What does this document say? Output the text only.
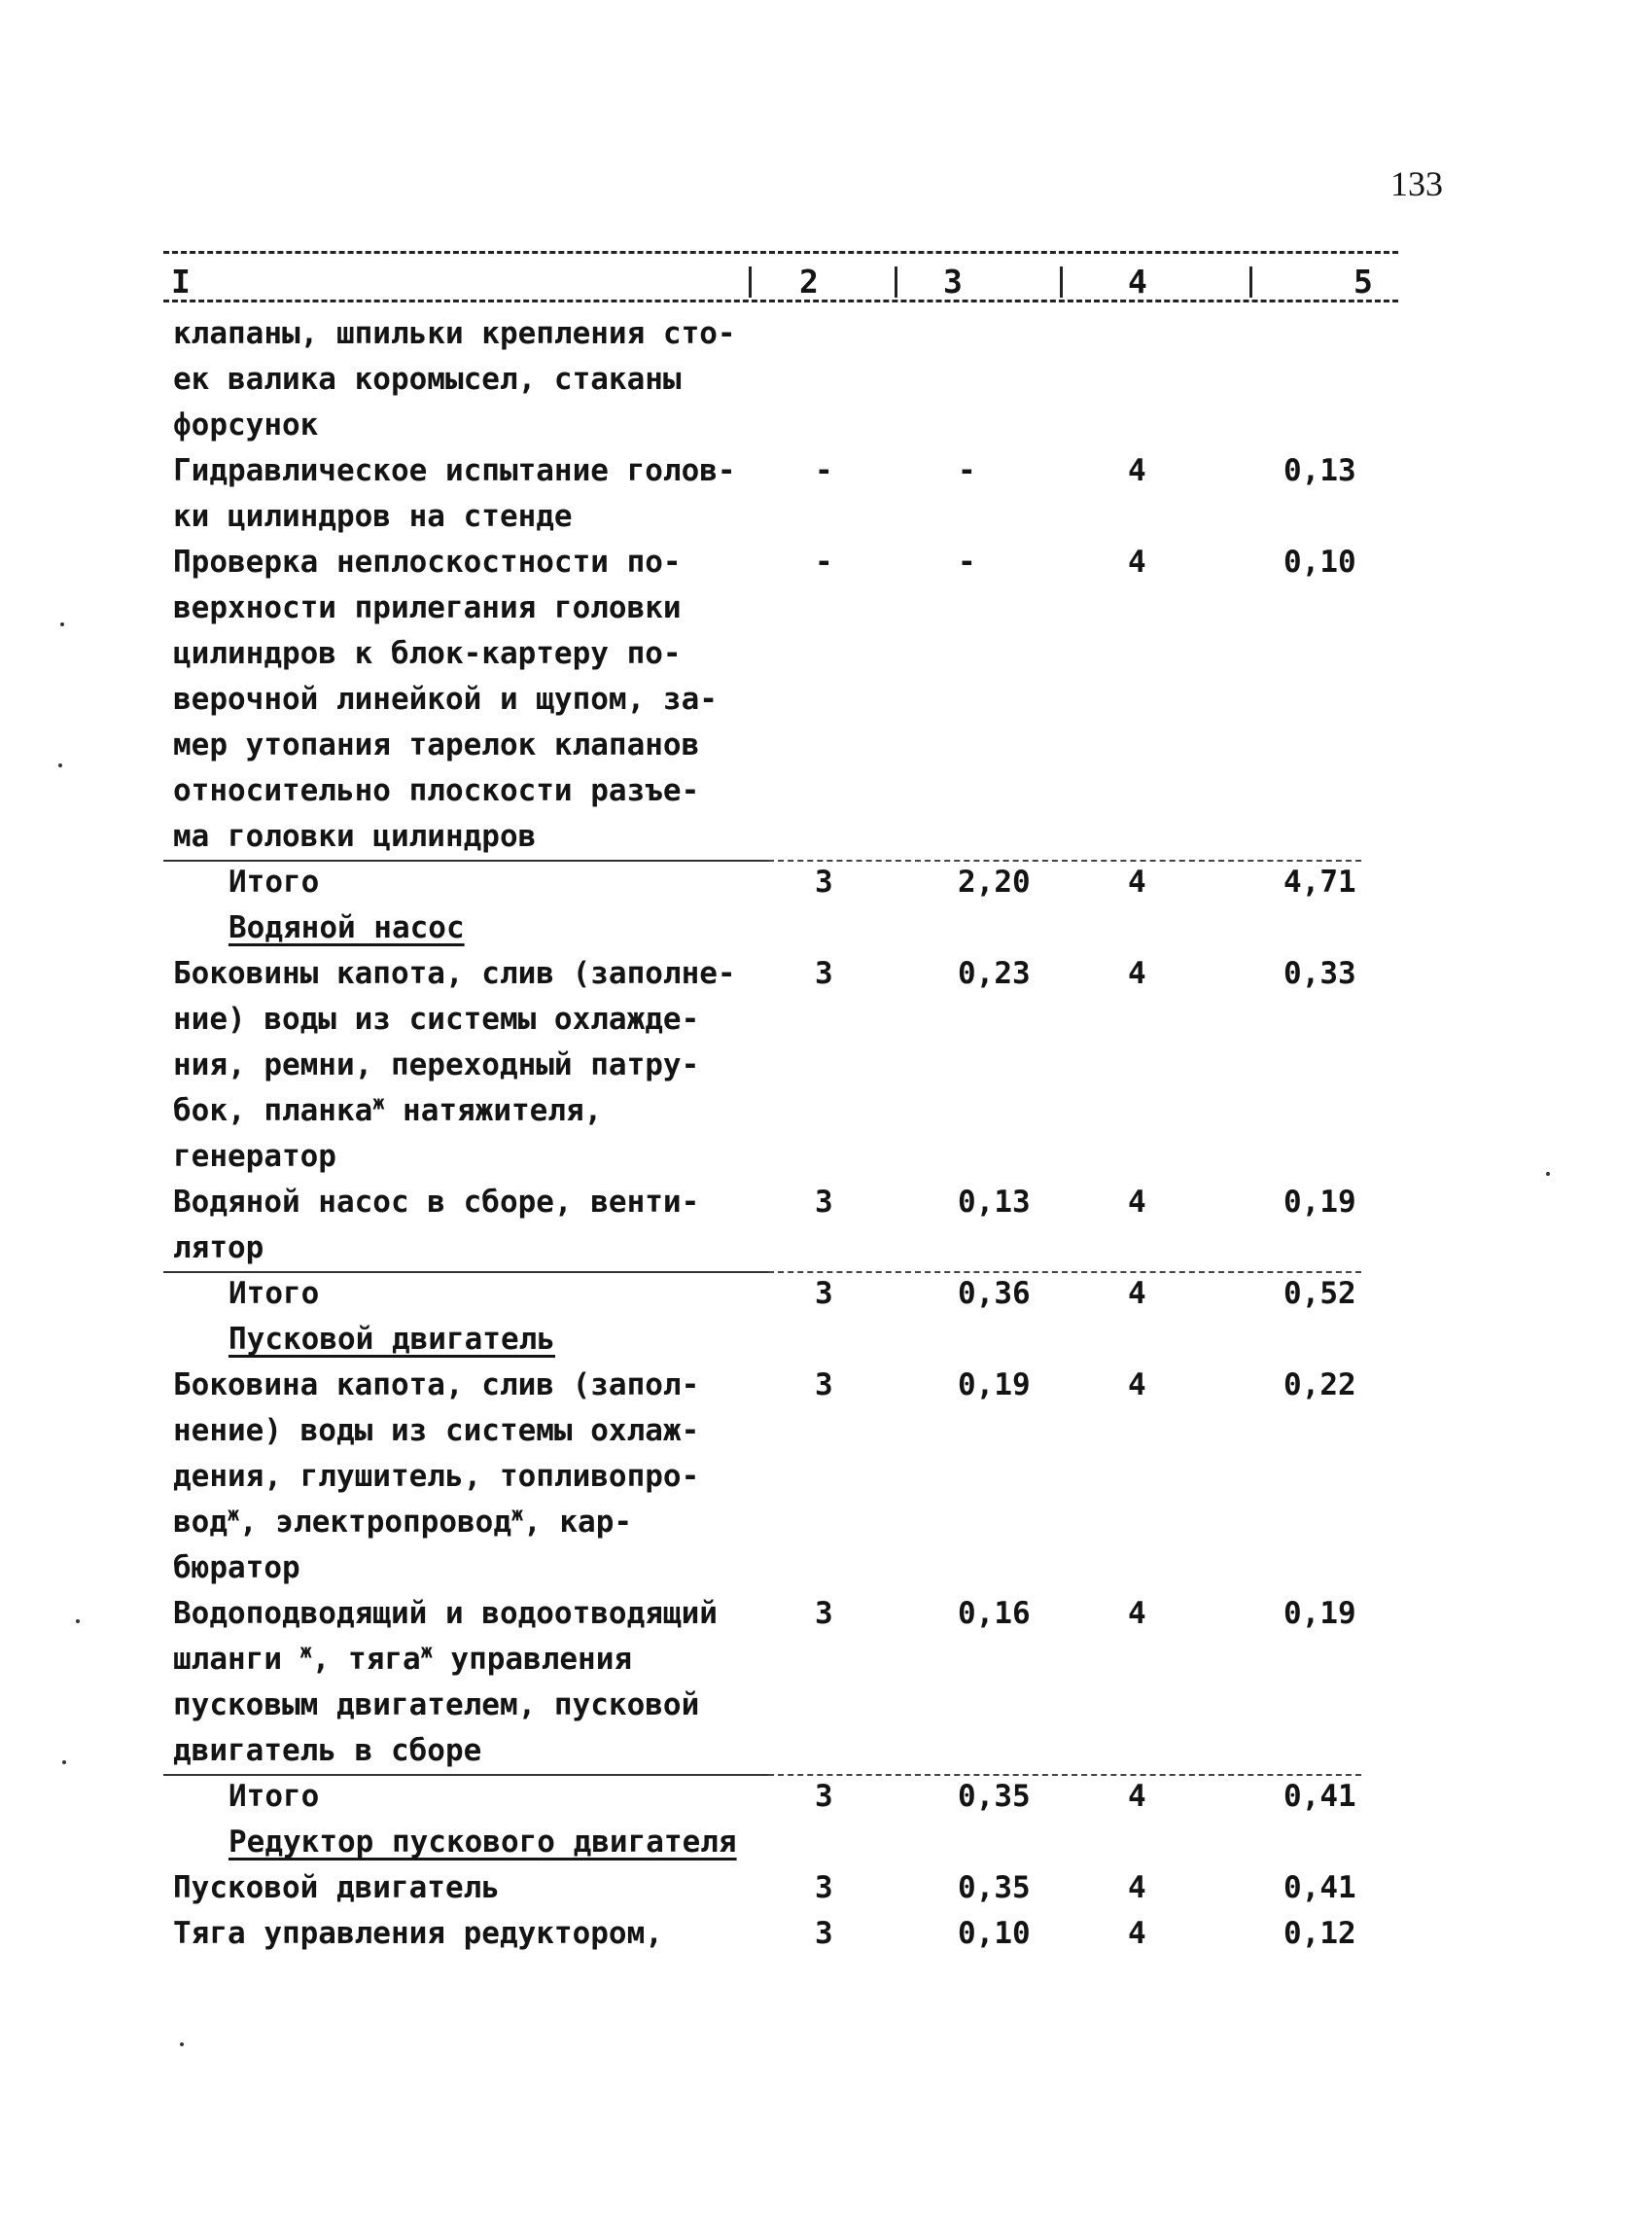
133
I	2	3	4	5
клапаны, шпильки крепления сто-
ек валика коромысел, стаканы
форсунок
Гидравлическое испытание голов-
ки цилиндров на стенде
-	-	4	0,13
Проверка неплоскостности по-
верхности прилегания головки
цилиндров к блок-картеру по-
верочной линейкой и щупом, за-
мер утопания тарелок клапанов
относительно плоскости разъе-
ма головки цилиндров
-	-	4	0,10
Итого	3	2,20	4	4,71
Водяной насос
Боковины капота, слив (заполне-
ние) воды из системы охлажде-
ния, ремни, переходный патру-
бок, планка$^ж$ натяжителя,
генератор
3	0,23	4	0,33
Водяной насос в сборе, венти-
лятор
3	0,13	4	0,19
Итого	3	0,36	4	0,52
Пусковой двигатель
Боковина капота, слив (запол-
нение) воды из системы охлаж-
дения, глушитель, топливопро-
вод$^ж$, электропровод$^ж$, кар-
бюратор
3	0,19	4	0,22
Водоподводящий и водоотводящий
шланги $^ж$, тяга$^ж$ управления
пусковым двигателем, пусковой
двигатель в сборе
3	0,16	4	0,19
Итого	3	0,35	4	0,41
Редуктор пускового двигателя
Пусковой двигатель	3	0,35	4	0,41
Тяга управления редуктором,	3	0,10	4	0,12
